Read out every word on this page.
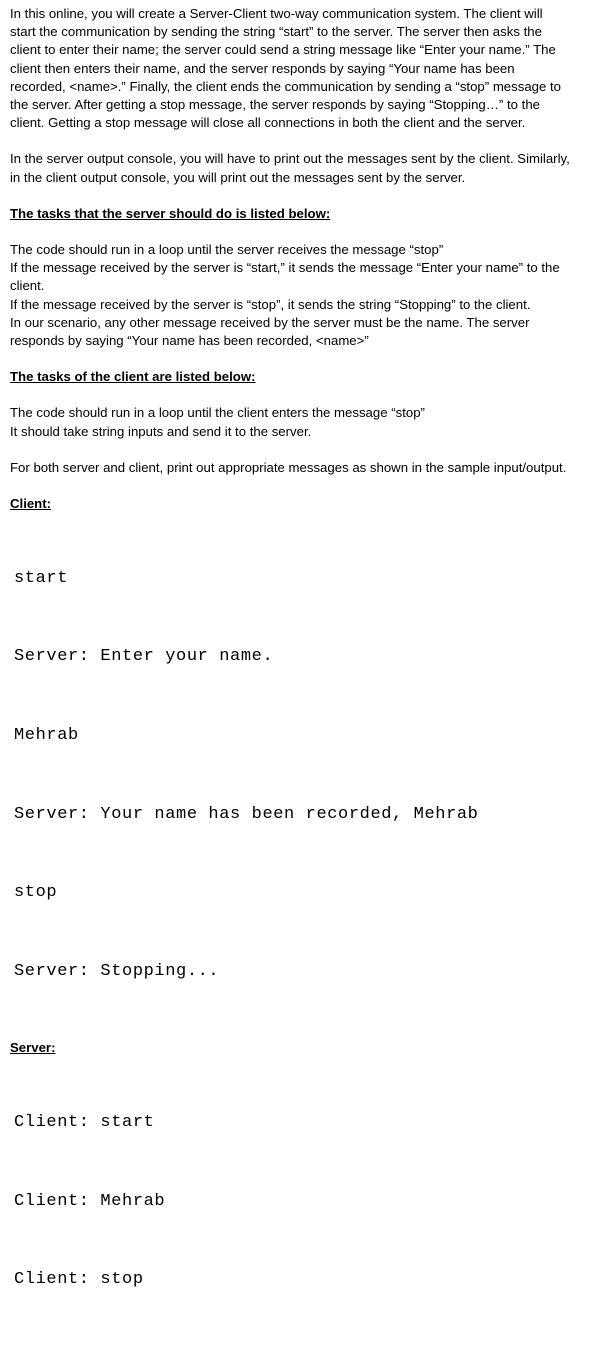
In this online, you will create a Server-Client two-way communication system. The client will
start the communication by sending the string “start” to the server. The server then asks the
client to enter their name; the server could send a string message like “Enter your name.” The
client then enters their name, and the server responds by saying “Your name has been
recorded, <name>.” Finally, the client ends the communication by sending a “stop” message to
the server. After getting a stop message, the server responds by saying “Stopping…” to the
client. Getting a stop message will close all connections in both the client and the server.
In the server output console, you will have to print out the messages sent by the client. Similarly,
in the client output console, you will print out the messages sent by the server.
The tasks that the server should do is listed below:
The code should run in a loop until the server receives the message “stop”
If the message received by the server is “start,” it sends the message “Enter your name” to the
client.
If the message received by the server is “stop”, it sends the string “Stopping” to the client.
In our scenario, any other message received by the server must be the name. The server
responds by saying “Your name has been recorded, <name>”
The tasks of the client are listed below:
The code should run in a loop until the client enters the message “stop”
It should take string inputs and send it to the server.
For both server and client, print out appropriate messages as shown in the sample input/output.
Client:

start

Server: Enter your name.

Mehrab

Server: Your name has been recorded, Mehrab

stop

Server: Stopping...

Server:

Client: start

Client: Mehrab

Client: stop
